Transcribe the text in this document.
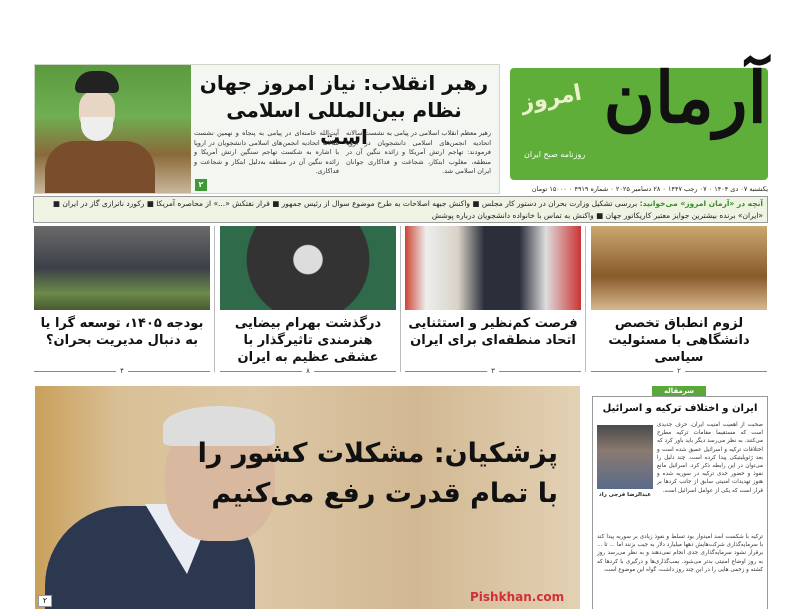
رهبر انقلاب: نیاز امروز جهان نظام بین‌المللی اسلامی است
رهبر معظم انقلاب اسلامی در پیامی به نشست سالانه اتحادیه انجمن‌های اسلامی دانشجویان در اروپا فرمودند: تهاجم ارتش آمریکا و زائده ننگین آن در منطقه، مغلوب ابتکار، شجاعت و فداکاری جوانان ایران اسلامی شد.
آیت‌الله خامنه‌ای در پیامی به پنجاه و نهمین نشست سالانه اتحادیه انجمن‌های اسلامی دانشجویان در اروپا با اشاره به شکست تهاجم سنگین ارتش آمریکا و زائده ننگین آن در منطقه به‌دلیل ابتکار و شجاعت و فداکاری.
۲
آرمان
امروز
روزنامه صبح ایران
یکشنبه ۰۷ دی ۱۴۰۴ ۰ ۰۷ رجب ۱۴۴۷ ۰ ۲۸ دسامبر ۲۰۲۵ ۰ شماره ۴۹۱۹ ۰ ۱۵۰۰۰ تومان
آنچه در «آرمان امروز» می‌خوانید: بررسی تشکیل وزارت بحران در دستور کار مجلس ■ واکنش جبهه اصلاحات به طرح موضوع سوال از رئیس جمهور ■ فرار نفتکش «...» از محاصره آمریکا ■ رکورد ناترازی گاز در ایران ■ «ایران» برنده بیشترین جوایز معتبر کاریکاتور جهان ■ واکنش به تماس با خانواده دانشجویان درباره پوشش
لزوم انطباق تخصص دانشگاهی با مسئولیت سیاسی
۲
فرصت کم‌نظیر و استثنایی اتحاد منطقه‌ای برای ایران
۳
درگذشت بهرام بیضایی هنرمندی تاثیرگذار با عشقی عظیم به ایران
۸
بودجه ۱۴۰۵، توسعه گرا یا به دنبال مدیریت بحران؟
۴
پزشکیان: مشکلات کشور را
با تمام قدرت رفع می‌کنیم
۲	Pishkhan.com
سرمقاله
ایران و اختلاف ترکیه و اسرائیل
عبدالرضا فرجی راد
صحبت از اهمیت امنیت ایران، حرف جدیدی است که مستقیما مقامات ترکیه مطرح می‌کنند. به نظر می‌رسد دیگر باید باور کرد که اختلافات ترکیه و اسرائیل عمیق شده است و بعد ژئوپلیتیکی پیدا کرده است. چند دلیل را می‌توان در این رابطه ذکر کرد. اسرائیل مانع نفوذ و حضور جدی ترکیه در سوریه شده و هنوز تهدیدات امنیتی سابق از جانب کردها بر قرار است که یکی از عوامل اسرائیل است.
ترکیه با شکست اسد امیدوار بود تسلط و نفوذ زیادی بر سوریه پیدا کند با سرمایه‌گذاری شرکت‌هایش دهها میلیارد دلار به جیب بزنند اما ... تا ... برقرار نشود سرمایه‌گذاری جدی انجام نمی‌دهند و به نظر می‌رسد روز به روز اوضاع امنیتی بدتر می‌شود. بمب‌گذاری‌ها و درگیری با کردها که کشته و زخمی هایی را در این چند روز داشت، گواه این موضوع است.
